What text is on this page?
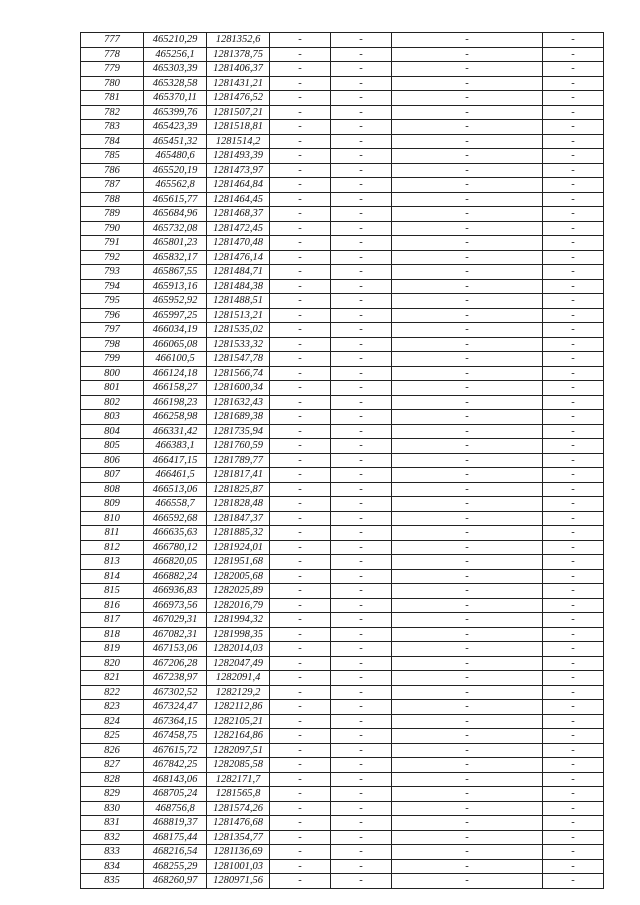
777	465210,29	1281352,6	-	-	-	-
778	465256,1	1281378,75	-	-	-	-
779	465303,39	1281406,37	-	-	-	-
780	465328,58	1281431,21	-	-	-	-
781	465370,11	1281476,52	-	-	-	-
782	465399,76	1281507,21	-	-	-	-
783	465423,39	1281518,81	-	-	-	-
784	465451,32	1281514,2	-	-	-	-
785	465480,6	1281493,39	-	-	-	-
786	465520,19	1281473,97	-	-	-	-
787	465562,8	1281464,84	-	-	-	-
788	465615,77	1281464,45	-	-	-	-
789	465684,96	1281468,37	-	-	-	-
790	465732,08	1281472,45	-	-	-	-
791	465801,23	1281470,48	-	-	-	-
792	465832,17	1281476,14	-	-	-	-
793	465867,55	1281484,71	-	-	-	-
794	465913,16	1281484,38	-	-	-	-
795	465952,92	1281488,51	-	-	-	-
796	465997,25	1281513,21	-	-	-	-
797	466034,19	1281535,02	-	-	-	-
798	466065,08	1281533,32	-	-	-	-
799	466100,5	1281547,78	-	-	-	-
800	466124,18	1281566,74	-	-	-	-
801	466158,27	1281600,34	-	-	-	-
802	466198,23	1281632,43	-	-	-	-
803	466258,98	1281689,38	-	-	-	-
804	466331,42	1281735,94	-	-	-	-
805	466383,1	1281760,59	-	-	-	-
806	466417,15	1281789,77	-	-	-	-
807	466461,5	1281817,41	-	-	-	-
808	466513,06	1281825,87	-	-	-	-
809	466558,7	1281828,48	-	-	-	-
810	466592,68	1281847,37	-	-	-	-
811	466635,63	1281885,32	-	-	-	-
812	466780,12	1281924,01	-	-	-	-
813	466820,05	1281951,68	-	-	-	-
814	466882,24	1282005,68	-	-	-	-
815	466936,83	1282025,89	-	-	-	-
816	466973,56	1282016,79	-	-	-	-
817	467029,31	1281994,32	-	-	-	-
818	467082,31	1281998,35	-	-	-	-
819	467153,06	1282014,03	-	-	-	-
820	467206,28	1282047,49	-	-	-	-
821	467238,97	1282091,4	-	-	-	-
822	467302,52	1282129,2	-	-	-	-
823	467324,47	1282112,86	-	-	-	-
824	467364,15	1282105,21	-	-	-	-
825	467458,75	1282164,86	-	-	-	-
826	467615,72	1282097,51	-	-	-	-
827	467842,25	1282085,58	-	-	-	-
828	468143,06	1282171,7	-	-	-	-
829	468705,24	1281565,8	-	-	-	-
830	468756,8	1281574,26	-	-	-	-
831	468819,37	1281476,68	-	-	-	-
832	468175,44	1281354,77	-	-	-	-
833	468216,54	1281136,69	-	-	-	-
834	468255,29	1281001,03	-	-	-	-
835	468260,97	1280971,56	-	-	-	-
